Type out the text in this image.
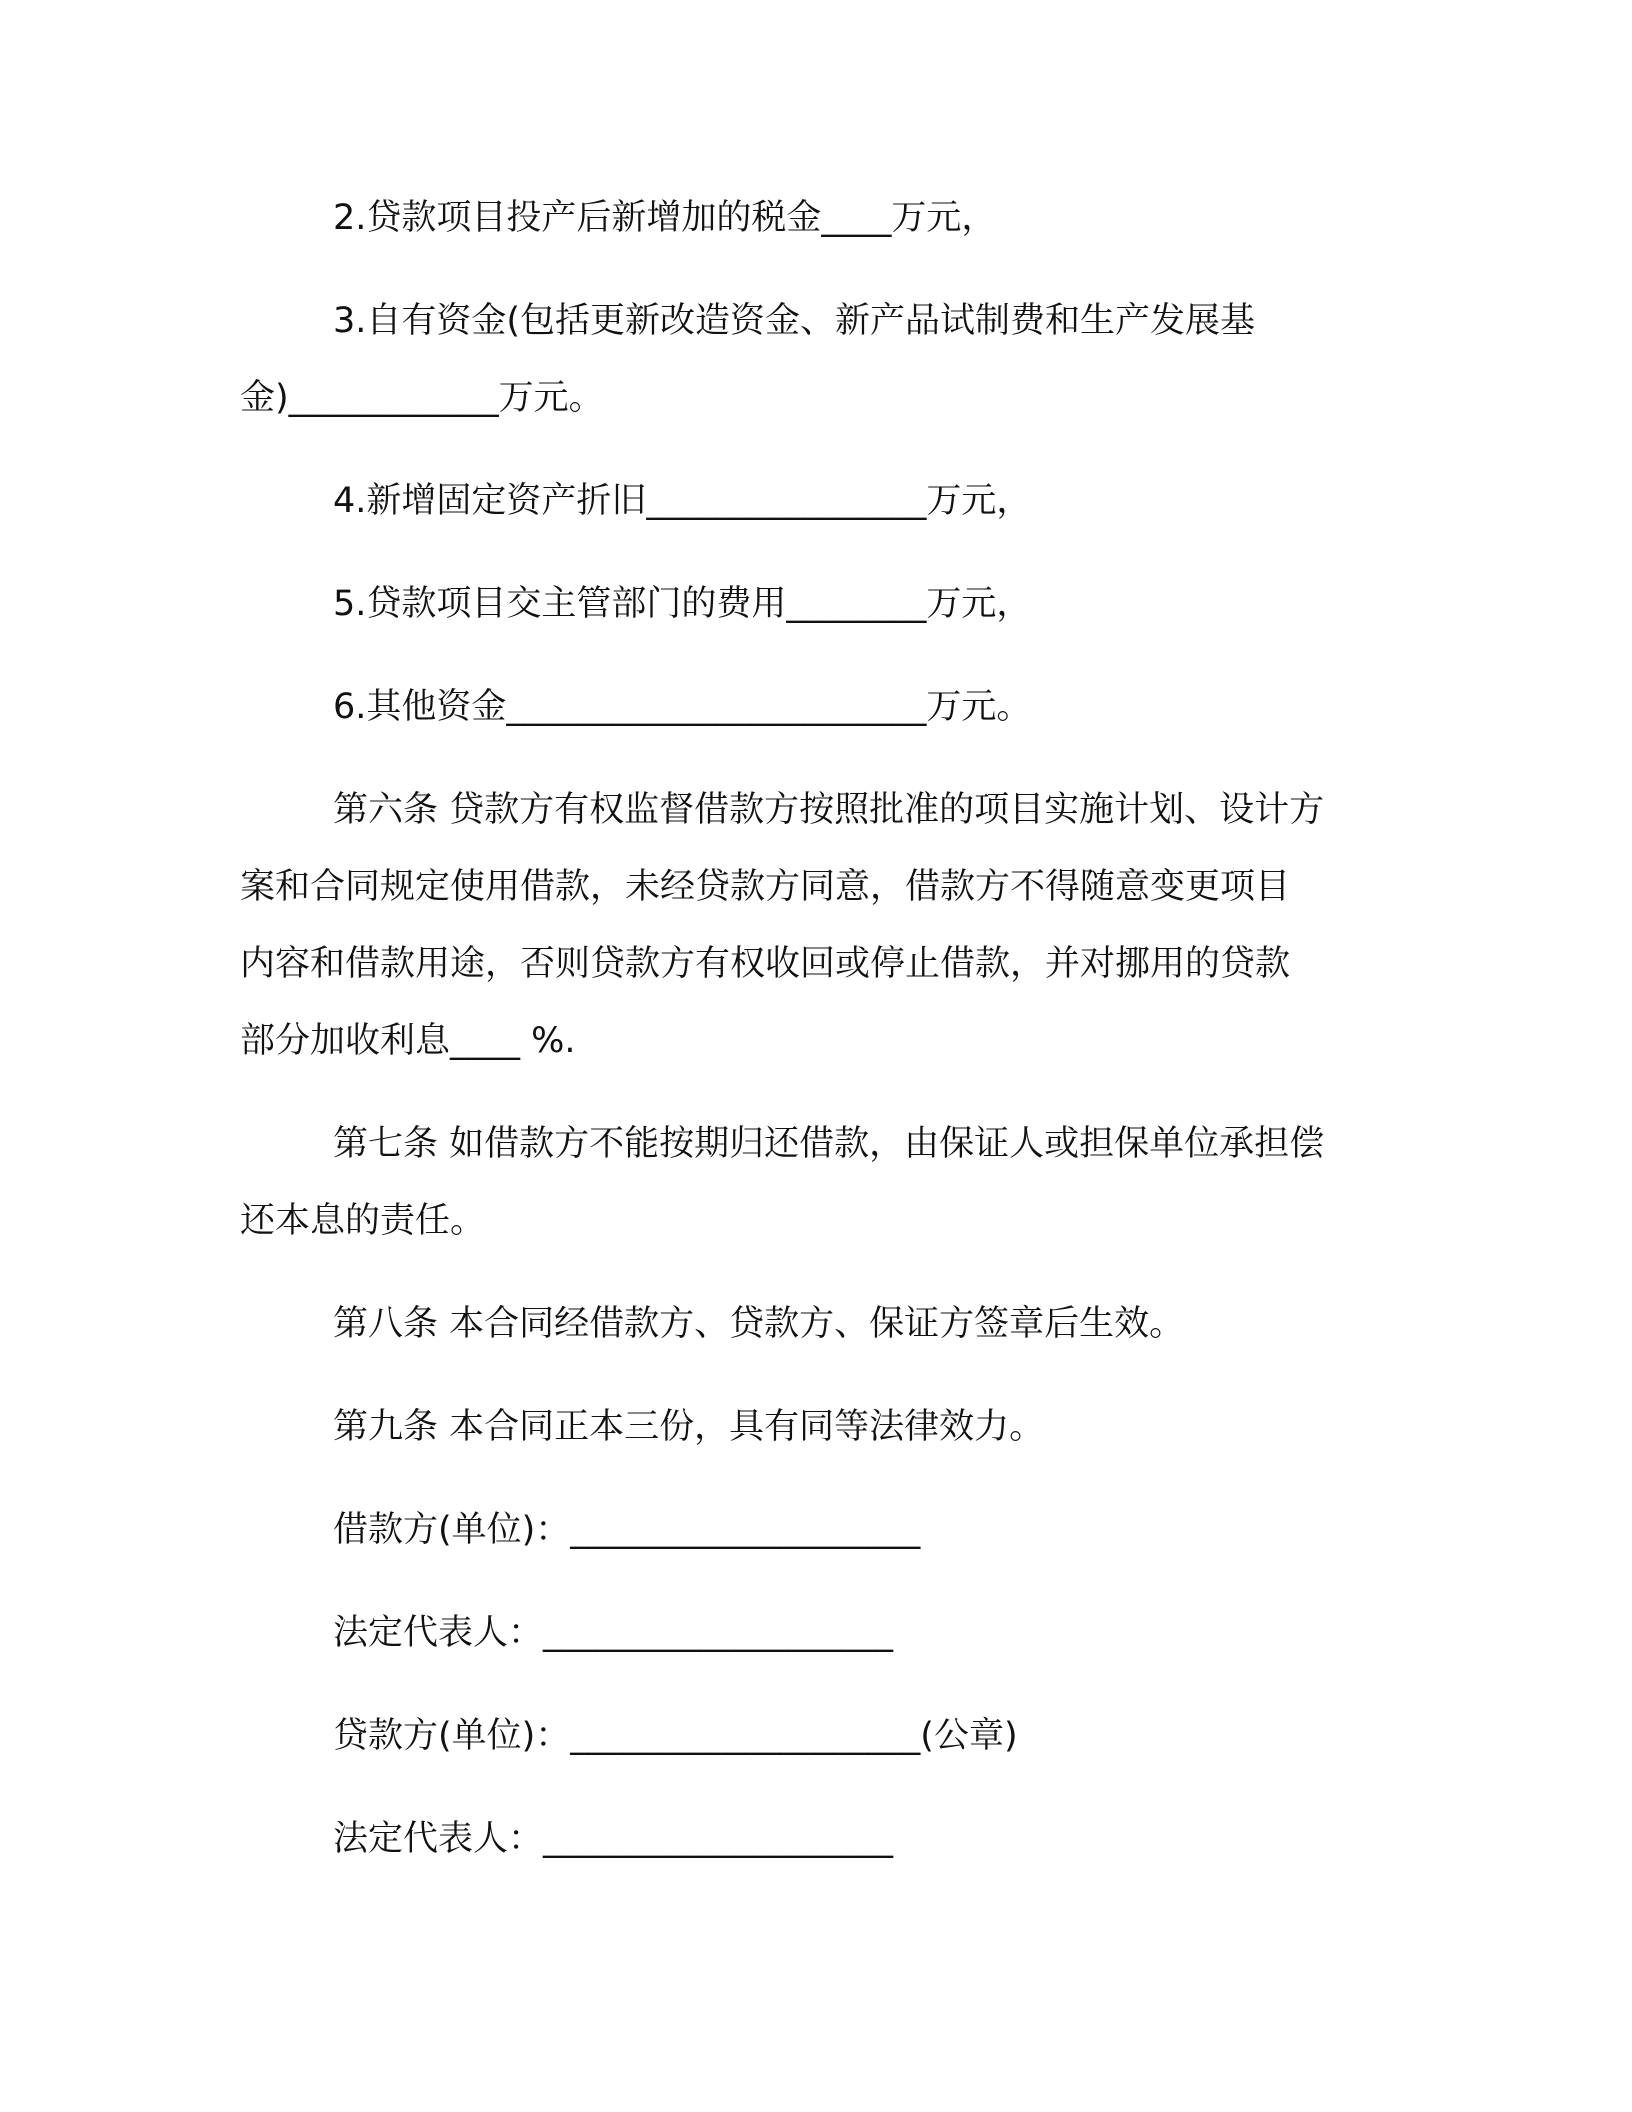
2.贷款项目投产后新增加的税金____万元，
3.自有资金(包括更新改造资金、新产品试制费和生产发展基
金)____________万元。
4.新增固定资产折旧________________万元，
5.贷款项目交主管部门的费用________万元，
6.其他资金________________________万元。
第六条 贷款方有权监督借款方按照批准的项目实施计划、设计方
案和合同规定使用借款，未经贷款方同意，借款方不得随意变更项目
内容和借款用途，否则贷款方有权收回或停止借款，并对挪用的贷款
部分加收利息____ %.
第七条 如借款方不能按期归还借款，由保证人或担保单位承担偿
还本息的责任。
第八条 本合同经借款方、贷款方、保证方签章后生效。
第九条 本合同正本三份，具有同等法律效力。
借款方(单位)：____________________
法定代表人：____________________
贷款方(单位)：____________________(公章)
法定代表人：____________________
